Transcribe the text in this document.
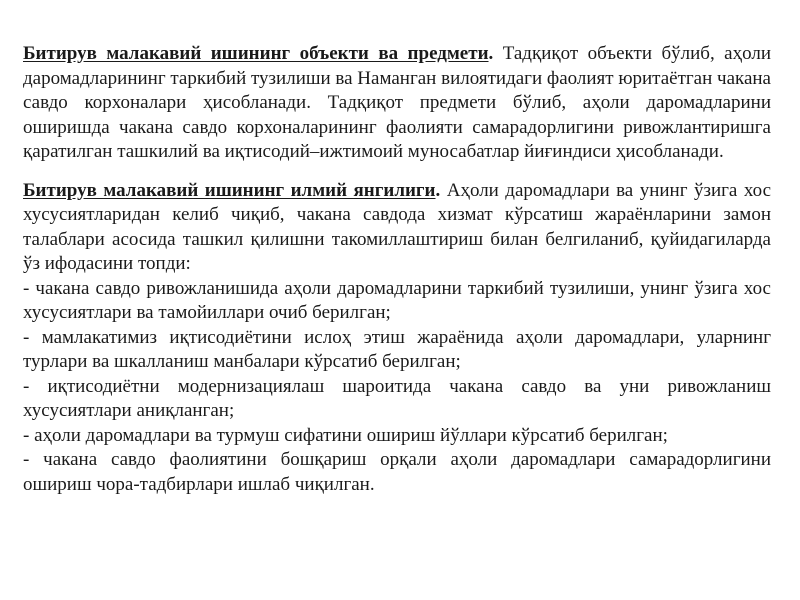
Битирув малакавий ишининг объекти ва предмети. Тадқиқот объекти бўлиб, аҳоли даромадларининг таркибий тузилиши ва Наманган вилоятидаги фаолият юритаётган чакана савдо корхоналари ҳисобланади. Тадқиқот предмети бўлиб, аҳоли даромадларини оширишда чакана савдо корхоналарининг фаолияти самарадорлигини ривожлантиришга қаратилган ташкилий ва иқтисодий–ижтимоий муносабатлар йиғиндиси ҳисобланади.

Битирув малакавий ишининг илмий янгилиги. Аҳоли даромадлари ва унинг ўзига хос хусусиятларидан келиб чиқиб, чакана савдода хизмат кўрсатиш жараёнларини замон талаблари асосида ташкил қилишни такомиллаштириш билан белгиланиб, қуйидагиларда ўз ифодасини топди:

- чакана савдо ривожланишида аҳоли даромадларини таркибий тузилиши, унинг ўзига хос хусусиятлари ва тамойиллари очиб берилган;

- мамлакатимиз иқтисодиётини ислоҳ этиш жараёнида аҳоли даромадлари, уларнинг турлари ва шкалланиш манбалари кўрсатиб берилган;

- иқтисодиётни модернизациялаш шароитида чакана савдо ва уни ривожланиш хусусиятлари аниқланган;

- аҳоли даромадлари ва турмуш сифатини ошириш йўллари кўрсатиб берилган;

- чакана савдо фаолиятини бошқариш орқали аҳоли даромадлари самарадорлигини ошириш чора-тадбирлари ишлаб чиқилган.
